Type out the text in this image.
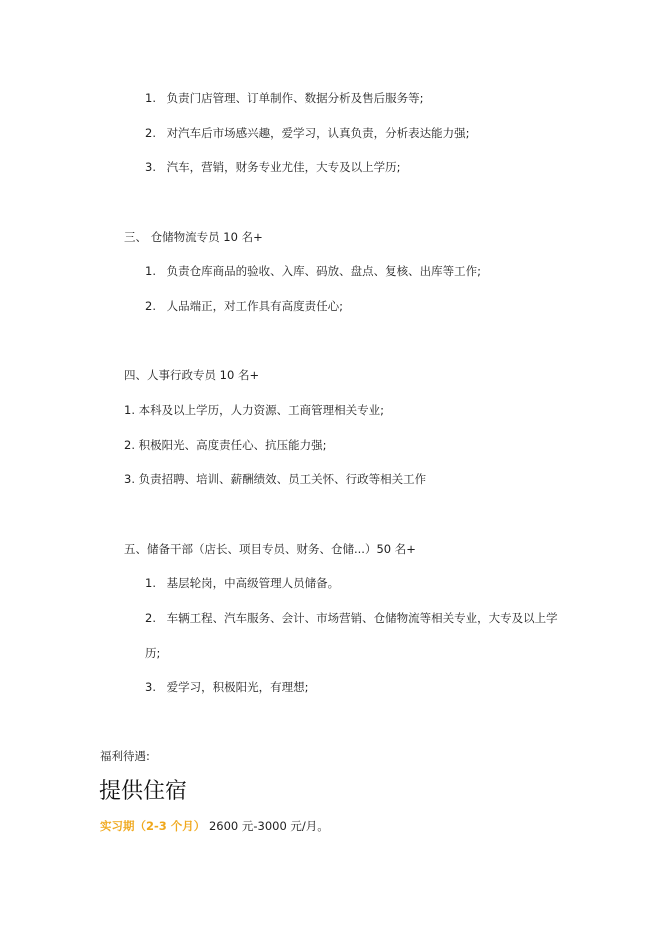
1. 负责门店管理、订单制作、数据分析及售后服务等;
2. 对汽车后市场感兴趣，爱学习，认真负责，分析表达能力强;
3. 汽车，营销，财务专业尤佳，大专及以上学历;
三、 仓储物流专员 10 名+
1. 负责仓库商品的验收、入库、码放、盘点、复核、出库等工作;
2. 人品端正，对工作具有高度责任心;
四、人事行政专员 10 名+
1. 本科及以上学历，人力资源、工商管理相关专业;
2. 积极阳光、高度责任心、抗压能力强;
3. 负责招聘、培训、薪酬绩效、员工关怀、行政等相关工作
五、储备干部（店长、项目专员、财务、仓储...）50 名+
1. 基层轮岗，中高级管理人员储备。
2. 车辆工程、汽车服务、会计、市场营销、仓储物流等相关专业，大专及以上学
历;
3. 爱学习，积极阳光，有理想;
福利待遇:
提供住宿
实习期（2-3 个月） 2600 元-3000 元/月。
